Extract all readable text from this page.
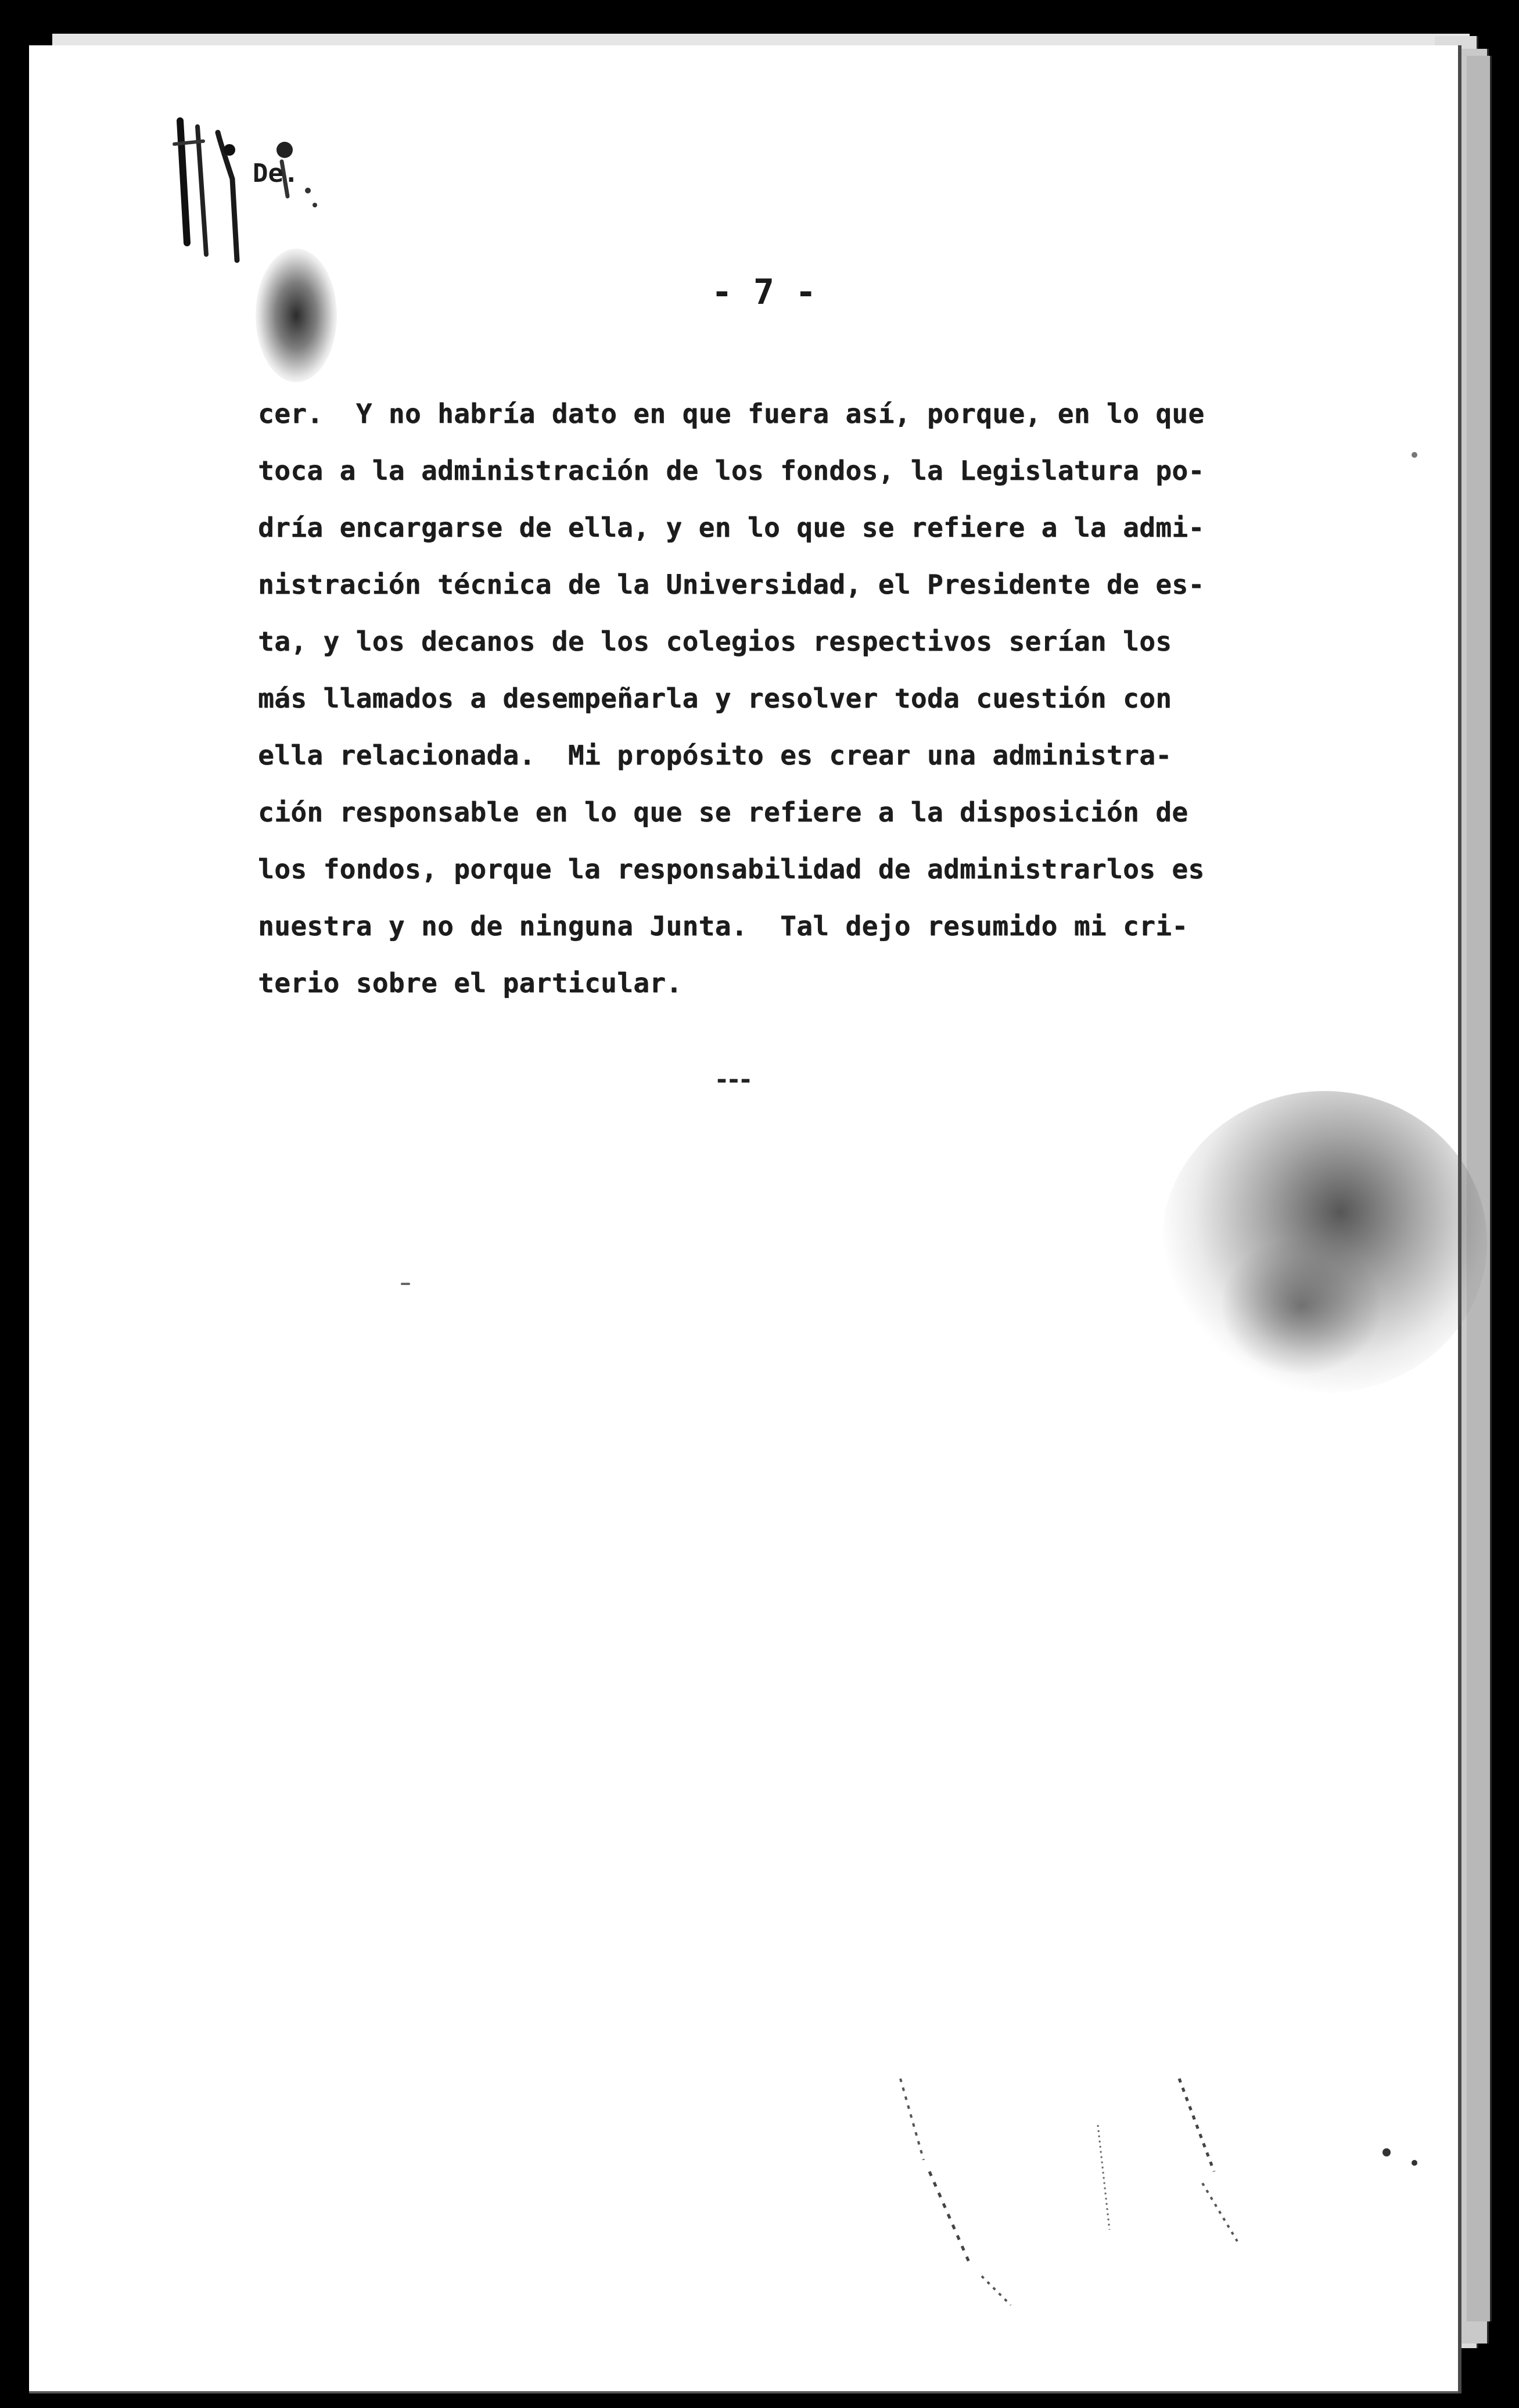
De.
- 7 -
cer.  Y no habría dato en que fuera así, porque, en lo que
toca a la administración de los fondos, la Legislatura po-
dría encargarse de ella, y en lo que se refiere a la admi-
nistración técnica de la Universidad, el Presidente de es-
ta, y los decanos de los colegios respectivos serían los
más llamados a desempeñarla y resolver toda cuestión con
ella relacionada.  Mi propósito es crear una administra-
ción responsable en lo que se refiere a la disposición de
los fondos, porque la responsabilidad de administrarlos es
nuestra y no de ninguna Junta.  Tal dejo resumido mi cri-
terio sobre el particular.
---
